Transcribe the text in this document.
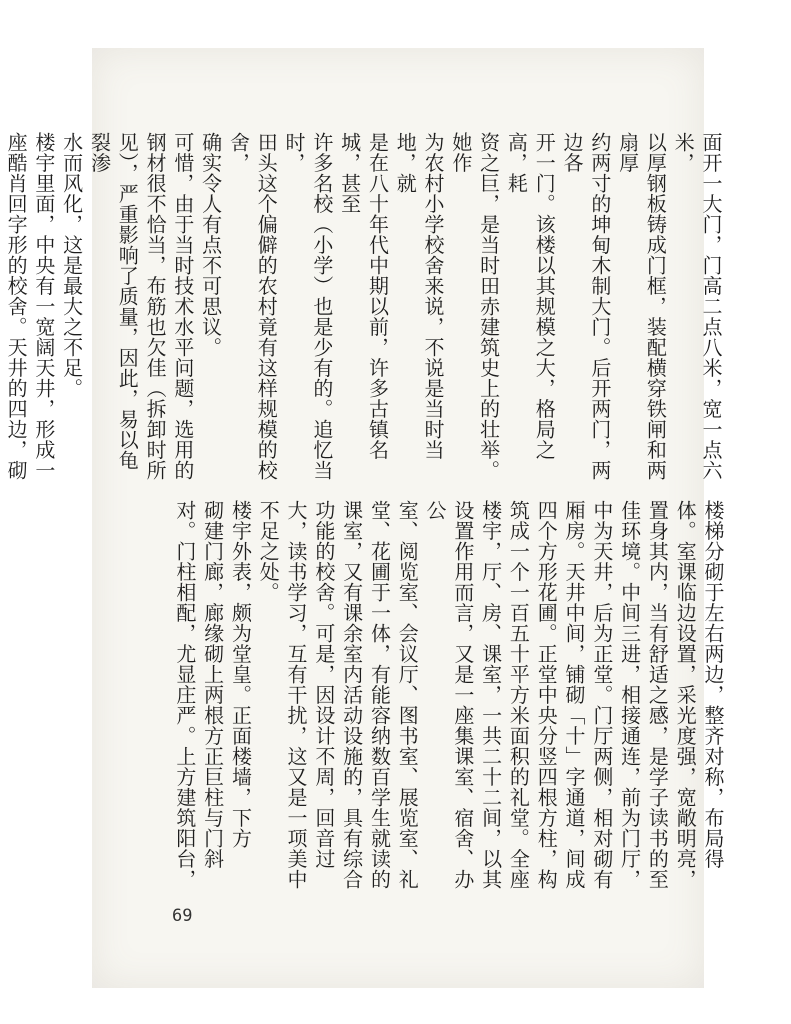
面开一大门，门高二点八米，宽一点六米，
以厚钢板铸成门框，装配横穿铁闸和两扇厚
约两寸的坤甸木制大门。后开两门，两边各
开一门。该楼以其规模之大，格局之高，耗
资之巨，是当时田赤建筑史上的壮举。她作
为农村小学校舍来说，不说是当时当地，就
是在八十年代中期以前，许多古镇名城，甚至
许多名校（小学）也是少有的。追忆当时，
田头这个偏僻的农村竟有这样规模的校舍，
确实令人有点不可思议。
可惜，由于当时技术水平问题，选用的
钢材很不恰当，布筋也欠佳（拆卸时所
见），严重影响了质量，因此，易以龟裂渗
水而风化，这是最大之不足。
楼宇里面，中央有一宽阔天井，形成一
座酷肖回字形的校舍。天井的四边，砌

楼梯分砌于左右两边，整齐对称，布局得
体。室课临边设置，采光度强，宽敞明亮，
置身其内，当有舒适之感，是学子读书的至
佳环境。中间三进，相接通连，前为门厅，
中为天井，后为正堂。门厅两侧，相对砌有
厢房。天井中间，铺砌「十」字通道，间成
四个方形花圃。正堂中央分竖四根方柱，构
筑成一个一百五十平方米面积的礼堂。全座
楼宇，厅、房、课室，一共二十二间，以其
设置作用而言，又是一座集课室、宿舍、办公
室、阅览室、会议厅、图书室、展览室、礼
堂、花圃于一体，有能容纳数百学生就读的
课室，又有课余室内活动设施的，具有综合
功能的校舍。可是，因设计不周，回音过
大，读书学习，互有干扰，这又是一项美中
不足之处。
楼宇外表，颇为堂皇。正面楼墙，下方
砌建门廊，廊缘砌上两根方正巨柱与门斜
对。门柱相配，尤显庄严。上方建筑阳台，
69
